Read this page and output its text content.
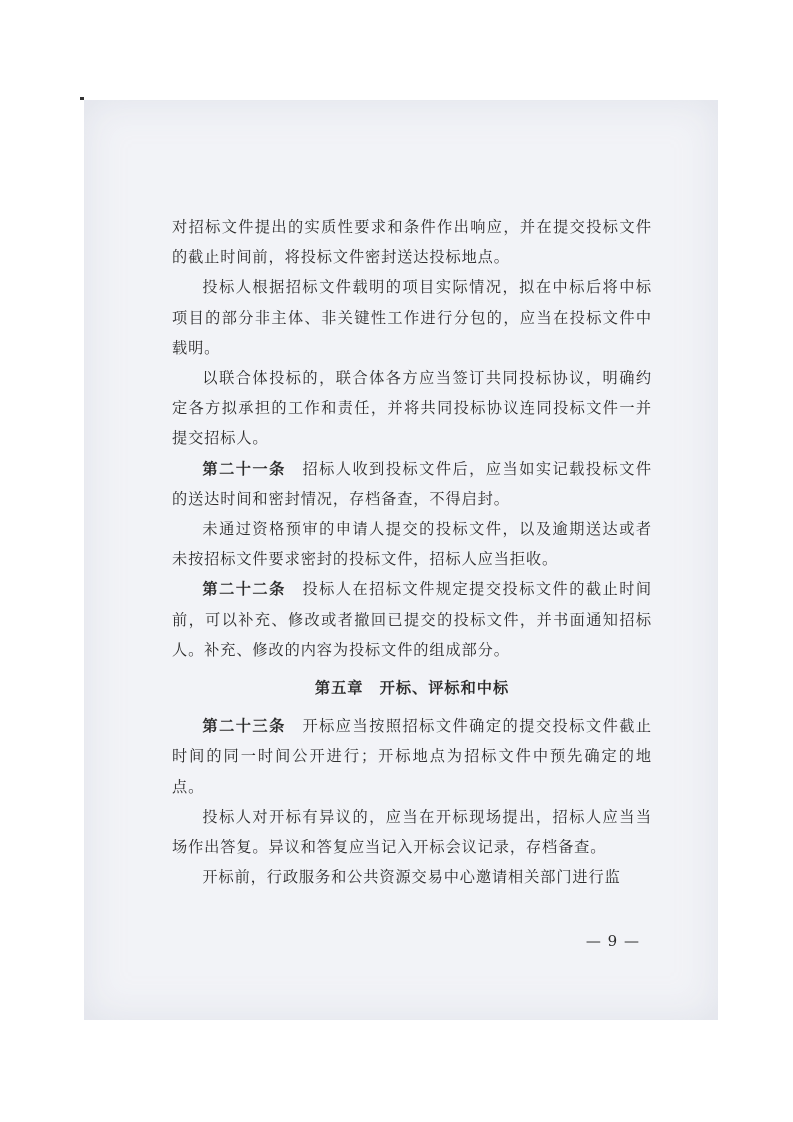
对招标文件提出的实质性要求和条件作出响应，并在提交投标文件的截止时间前，将投标文件密封送达投标地点。

投标人根据招标文件载明的项目实际情况，拟在中标后将中标项目的部分非主体、非关键性工作进行分包的，应当在投标文件中载明。

以联合体投标的，联合体各方应当签订共同投标协议，明确约定各方拟承担的工作和责任，并将共同投标协议连同投标文件一并提交招标人。

第二十一条　 招标人收到投标文件后，应当如实记载投标文件的送达时间和密封情况，存档备查，不得启封。

未通过资格预审的申请人提交的投标文件，以及逾期送达或者未按招标文件要求密封的投标文件，招标人应当拒收。

第二十二条　 投标人在招标文件规定提交投标文件的截止时间前，可以补充、修改或者撤回已提交的投标文件，并书面通知招标人。补充、修改的内容为投标文件的组成部分。

第五章　开标、评标和中标

第二十三条　 开标应当按照招标文件确定的提交投标文件截止时间的同一时间公开进行；开标地点为招标文件中预先确定的地点。

投标人对开标有异议的，应当在开标现场提出，招标人应当当场作出答复。异议和答复应当记入开标会议记录，存档备查。

开标前，行政服务和公共资源交易中心邀请相关部门进行监

— 9 —
